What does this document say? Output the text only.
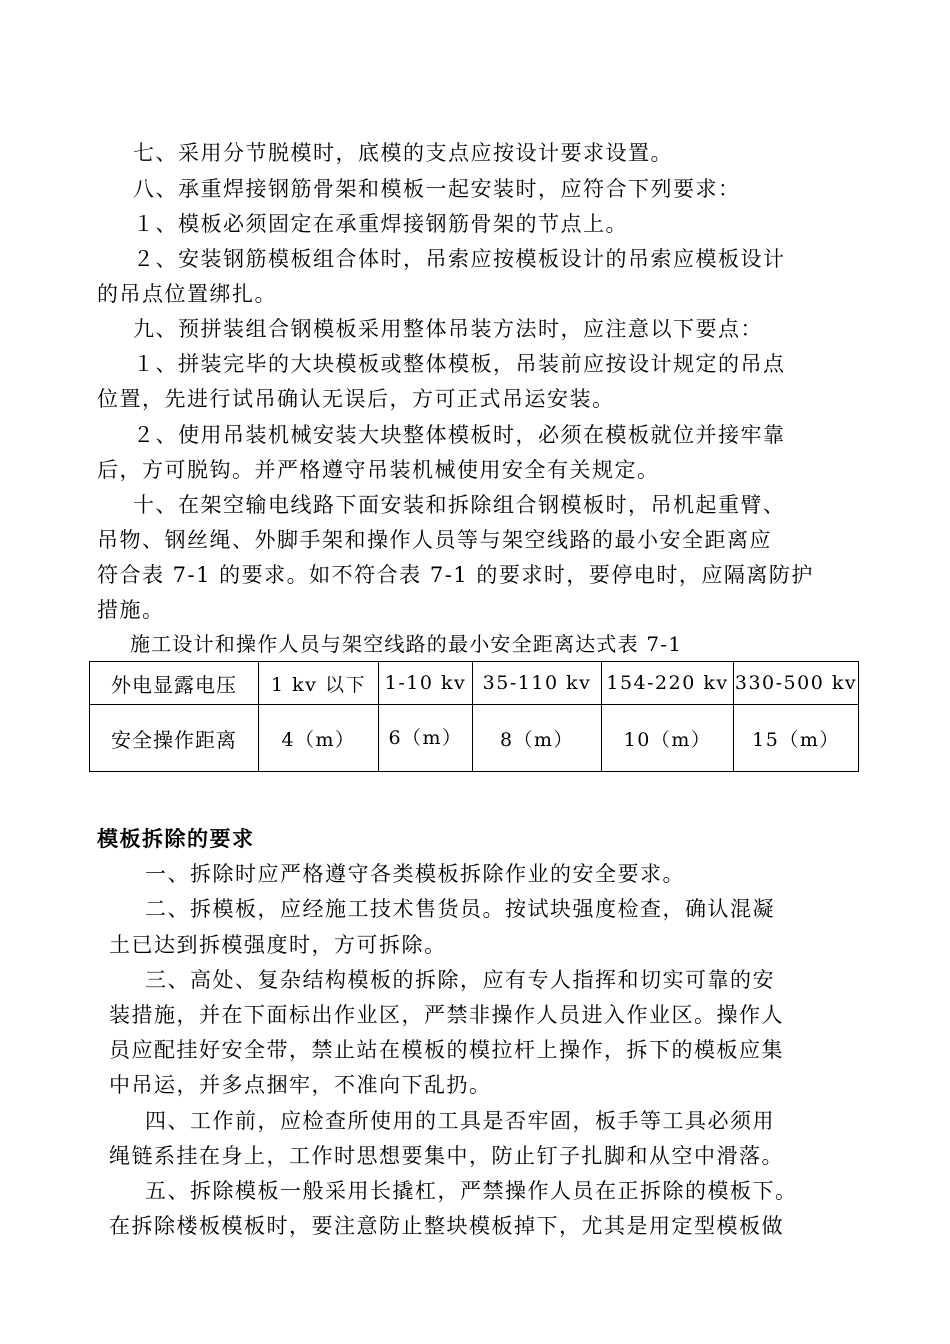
七、采用分节脱模时，底模的支点应按设计要求设置。
八、承重焊接钢筋骨架和模板一起安装时，应符合下列要求：
１、模板必须固定在承重焊接钢筋骨架的节点上。
２、安装钢筋模板组合体时，吊索应按模板设计的吊索应模板设计
的吊点位置绑扎。
九、预拼装组合钢模板采用整体吊装方法时，应注意以下要点：
１、拼装完毕的大块模板或整体模板，吊装前应按设计规定的吊点
位置，先进行试吊确认无误后，方可正式吊运安装。
２、使用吊装机械安装大块整体模板时，必须在模板就位并接牢靠
后，方可脱钩。并严格遵守吊装机械使用安全有关规定。
十、在架空输电线路下面安装和拆除组合钢模板时，吊机起重臂、
吊物、钢丝绳、外脚手架和操作人员等与架空线路的最小安全距离应
符合表 7-1 的要求。如不符合表 7-1 的要求时，要停电时，应隔离防护
措施。
施工设计和操作人员与架空线路的最小安全距离达式表 7-1
外电显露电压	1 kv 以下	1-10 kv	35-110 kv	154-220 kv	330-500 kv
安全操作距离	4（m）	6（m）	8（m）	10（m）	15（m）
模板拆除的要求
一、拆除时应严格遵守各类模板拆除作业的安全要求。
二、拆模板，应经施工技术售货员。按试块强度检查，确认混凝
土已达到拆模强度时，方可拆除。
三、高处、复杂结构模板的拆除，应有专人指挥和切实可靠的安
装措施，并在下面标出作业区，严禁非操作人员进入作业区。操作人
员应配挂好安全带，禁止站在模板的模拉杆上操作，拆下的模板应集
中吊运，并多点捆牢，不准向下乱扔。
四、工作前，应检查所使用的工具是否牢固，板手等工具必须用
绳链系挂在身上，工作时思想要集中，防止钉子扎脚和从空中滑落。
五、拆除模板一般采用长撬杠，严禁操作人员在正拆除的模板下。
在拆除楼板模板时，要注意防止整块模板掉下，尤其是用定型模板做
